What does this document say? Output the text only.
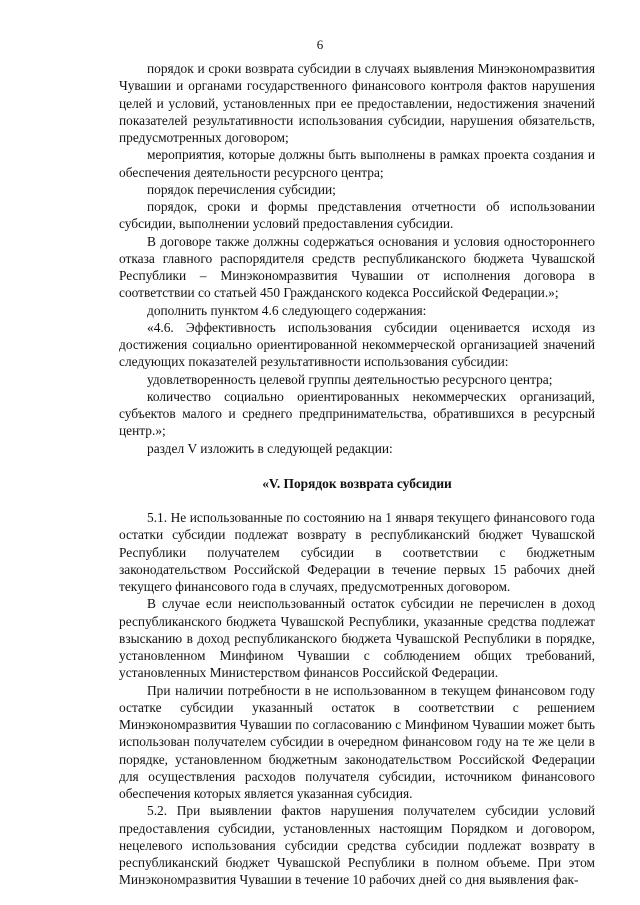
6

порядок и сроки возврата субсидии в случаях выявления Минэкономразвития Чувашии и органами государственного финансового контроля фактов нарушения целей и условий, установленных при ее предоставлении, недостижения значений показателей результативности использования субсидии, нарушения обязательств, предусмотренных договором;

мероприятия, которые должны быть выполнены в рамках проекта создания и обеспечения деятельности ресурсного центра;

порядок перечисления субсидии;

порядок, сроки и формы представления отчетности об использовании субсидии, выполнении условий предоставления субсидии.

В договоре также должны содержаться основания и условия одностороннего отказа главного распорядителя средств республиканского бюджета Чувашской Республики – Минэкономразвития Чувашии от исполнения договора в соответствии со статьей 450 Гражданского кодекса Российской Федерации.»;

дополнить пунктом 4.6 следующего содержания:

«4.6. Эффективность использования субсидии оценивается исходя из достижения социально ориентированной некоммерческой организацией значений следующих показателей результативности использования субсидии:

удовлетворенность целевой группы деятельностью ресурсного центра;

количество социально ориентированных некоммерческих организаций, субъектов малого и среднего предпринимательства, обратившихся в ресурсный центр.»;

раздел V изложить в следующей редакции:

«V. Порядок возврата субсидии

5.1. Не использованные по состоянию на 1 января текущего финансового года остатки субсидии подлежат возврату в республиканский бюджет Чувашской Республики получателем субсидии в соответствии с бюджетным законодательством Российской Федерации в течение первых 15 рабочих дней текущего финансового года в случаях, предусмотренных договором.

В случае если неиспользованный остаток субсидии не перечислен в доход республиканского бюджета Чувашской Республики, указанные средства подлежат взысканию в доход республиканского бюджета Чувашской Республики в порядке, установленном Минфином Чувашии с соблюдением общих требований, установленных Министерством финансов Российской Федерации.

При наличии потребности в не использованном в текущем финансовом году остатке субсидии указанный остаток в соответствии с решением Минэкономразвития Чувашии по согласованию с Минфином Чувашии может быть использован получателем субсидии в очередном финансовом году на те же цели в порядке, установленном бюджетным законодательством Российской Федерации для осуществления расходов получателя субсидии, источником финансового обеспечения которых является указанная субсидия.

5.2. При выявлении фактов нарушения получателем субсидии условий предоставления субсидии, установленных настоящим Порядком и договором, нецелевого использования субсидии средства субсидии подлежат возврату в республиканский бюджет Чувашской Республики в полном объеме. При этом Минэкономразвития Чувашии в течение 10 рабочих дней со дня выявления фак-
